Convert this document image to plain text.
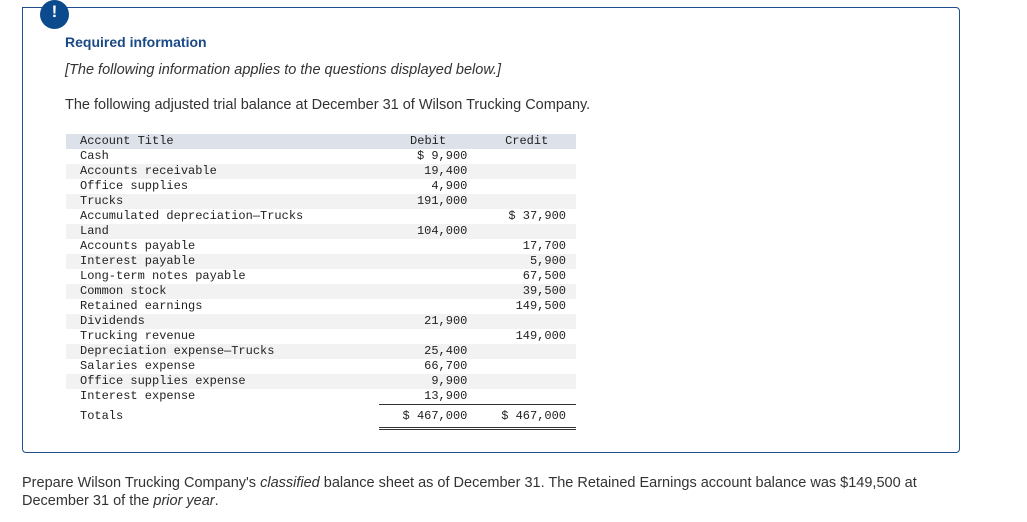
!
Required information
[The following information applies to the questions displayed below.]
The following adjusted trial balance at December 31 of Wilson Trucking Company.
Account Title	Debit	Credit
Cash	$ 9,900	
Accounts receivable	19,400	
Office supplies	4,900	
Trucks	191,000	
Accumulated depreciation—Trucks		$ 37,900
Land	104,000	
Accounts payable		17,700
Interest payable		5,900
Long-term notes payable		67,500
Common stock		39,500
Retained earnings		149,500
Dividends	21,900	
Trucking revenue		149,000
Depreciation expense—Trucks	25,400	
Salaries expense	66,700	
Office supplies expense	9,900	
Interest expense	13,900	
Totals	$ 467,000	$ 467,000
Prepare Wilson Trucking Company's classified balance sheet as of December 31. The Retained Earnings account balance was $149,500 at December 31 of the prior year.
